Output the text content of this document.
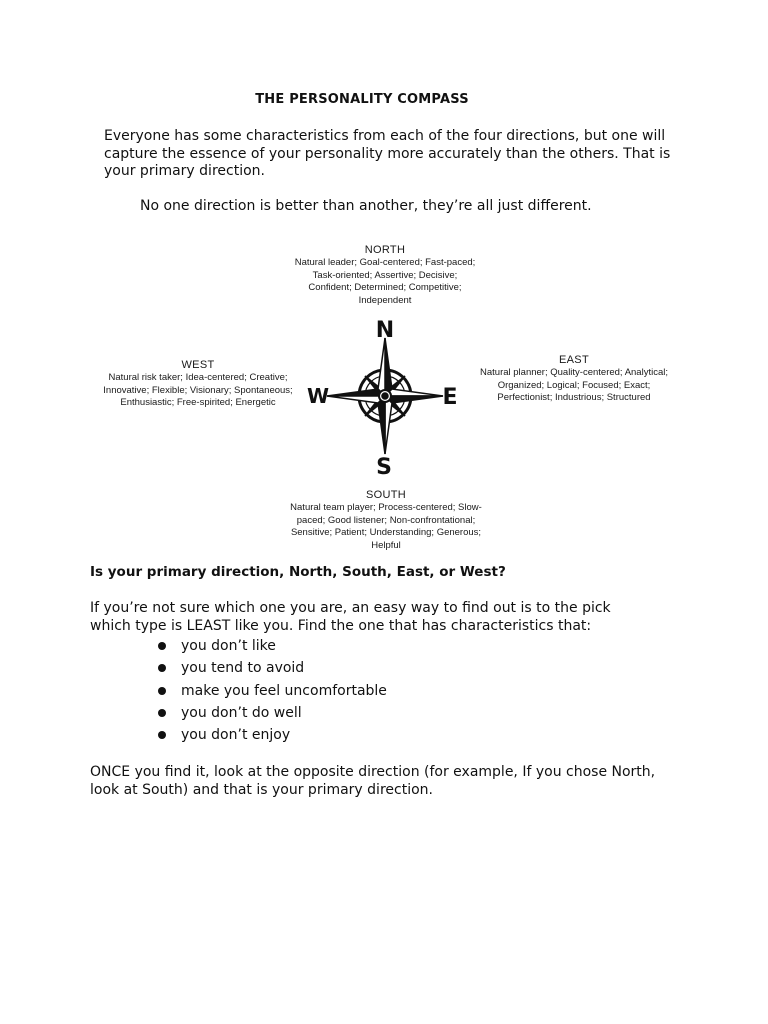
THE PERSONALITY COMPASS
Everyone has some characteristics from each of the four directions, but one will capture the essence of your personality more accurately than the others. That is your primary direction.
No one direction is better than another, they’re all just different.
NORTH
Natural leader; Goal-centered; Fast-paced; Task-oriented; Assertive; Decisive; Confident; Determined; Competitive; Independent
WEST
Natural risk taker; Idea-centered; Creative; Innovative; Flexible; Visionary; Spontaneous; Enthusiastic; Free-spirited; Energetic
EAST
Natural planner; Quality-centered; Analytical; Organized; Logical; Focused; Exact; Perfectionist; Industrious; Structured
SOUTH
Natural team player; Process-centered; Slow-paced; Good listener; Non-confrontational; Sensitive; Patient; Understanding; Generous; Helpful
N
S
E
W
Is your primary direction, North, South, East, or West?
If you’re not sure which one you are, an easy way to find out is to the pick which type is LEAST like you. Find the one that has characteristics that:
you don’t like
you tend to avoid
make you feel uncomfortable
you don’t do well
you don’t enjoy
ONCE you find it, look at the opposite direction (for example, If you chose North, look at South) and that is your primary direction.
